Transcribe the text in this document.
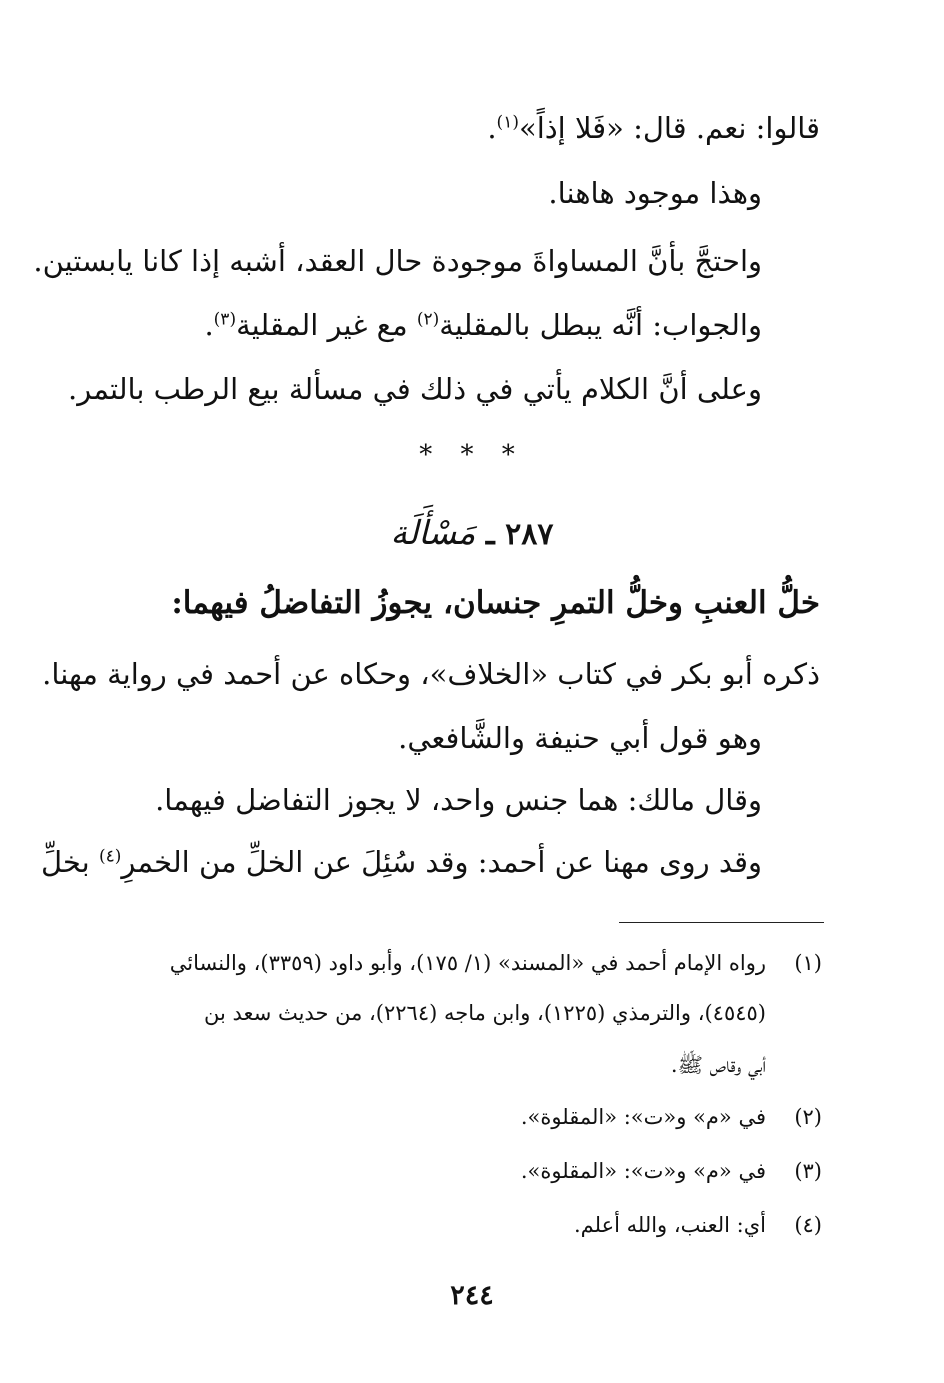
قالوا: نعم. قال: «فَلا إذاً»$^{(١)}$.
وهذا موجود هاهنا.
واحتجَّ بأنَّ المساواةَ موجودة حال العقد، أشبه إذا كانا يابستين.
والجواب: أنَّه يبطل بالمقلية$^{(٢)}$ مع غير المقلية$^{(٣)}$.
وعلى أنَّ الكلام يأتي في ذلك في مسألة بيع الرطب بالتمر.
* * *
٢٨٧ ـ مَسْأَلَة
خلُّ العنبِ وخلُّ التمرِ جنسان، يجوزُ التفاضلُ فيهما:
ذكره أبو بكر في كتاب «الخلاف»، وحكاه عن أحمد في رواية مهنا.
وهو قول أبي حنيفة والشَّافعي.
وقال مالك: هما جنس واحد، لا يجوز التفاضل فيهما.
وقد روى مهنا عن أحمد: وقد سُئِلَ عن الخلِّ من الخمرِ$^{(٤)}$ بخلِّ
(١)
رواه الإمام أحمد في «المسند» (١/ ١٧٥)، وأبو داود (٣٣٥٩)، والنسائي
(٤٥٤٥)، والترمذي (١٢٢٥)، وابن ماجه (٢٢٦٤)، من حديث سعد بن
أبي وقاص ﷺ.
(٢)
في «م» و«ت»: «المقلوة».
(٣)
في «م» و«ت»: «المقلوة».
(٤)
أي: العنب، والله أعلم.
٢٤٤
